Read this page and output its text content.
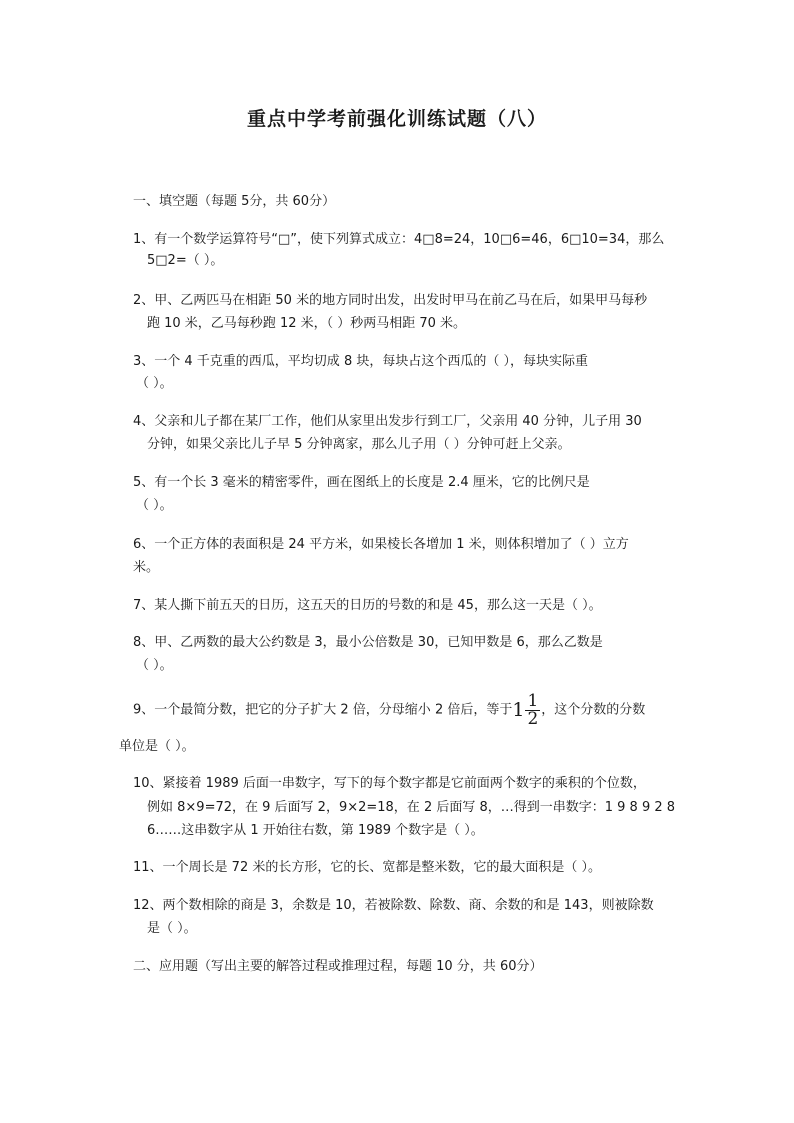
重点中学考前强化训练试题（八）
一、填空题（每题 5分，共 60分）
1、有一个数学运算符号“□”，使下列算式成立：4□8=24，10□6=46，6□10=34，那么
5□2=（ ）。
2、甲、乙两匹马在相距 50 米的地方同时出发，出发时甲马在前乙马在后，如果甲马每秒
跑 10 米，乙马每秒跑 12 米，（ ）秒两马相距 70 米。
3、一个 4 千克重的西瓜，平均切成 8 块，每块占这个西瓜的（ ），每块实际重
（ ）。
4、父亲和儿子都在某厂工作，他们从家里出发步行到工厂，父亲用 40 分钟，儿子用 30
分钟，如果父亲比儿子早 5 分钟离家，那么儿子用（ ）分钟可赶上父亲。
5、有一个长 3 毫米的精密零件，画在图纸上的长度是 2.4 厘米，它的比例尺是
（ ）。
6、一个正方体的表面积是 24 平方米，如果棱长各增加 1 米，则体积增加了（ ）立方
米。
7、某人撕下前五天的日历，这五天的日历的号数的和是 45，那么这一天是（ ）。
8、甲、乙两数的最大公约数是 3，最小公倍数是 30，已知甲数是 6，那么乙数是
（ ）。
9、一个最简分数，把它的分子扩大 2 倍，分母缩小 2 倍后，等于$1 \frac{1}{2}$ ，这个分数的分数
单位是（ ）。
10、紧接着 1989 后面一串数字，写下的每个数字都是它前面两个数字的乘积的个位数，
例如 8×9=72，在 9 后面写 2，9×2=18，在 2 后面写 8，…得到一串数字：1 9 8 9 2 8
6……这串数字从 1 开始往右数，第 1989 个数字是（ ）。
11、一个周长是 72 米的长方形，它的长、宽都是整米数，它的最大面积是（ ）。
12、两个数相除的商是 3，余数是 10，若被除数、除数、商、余数的和是 143，则被除数
是（ ）。
二、应用题（写出主要的解答过程或推理过程，每题 10 分，共 60分）
